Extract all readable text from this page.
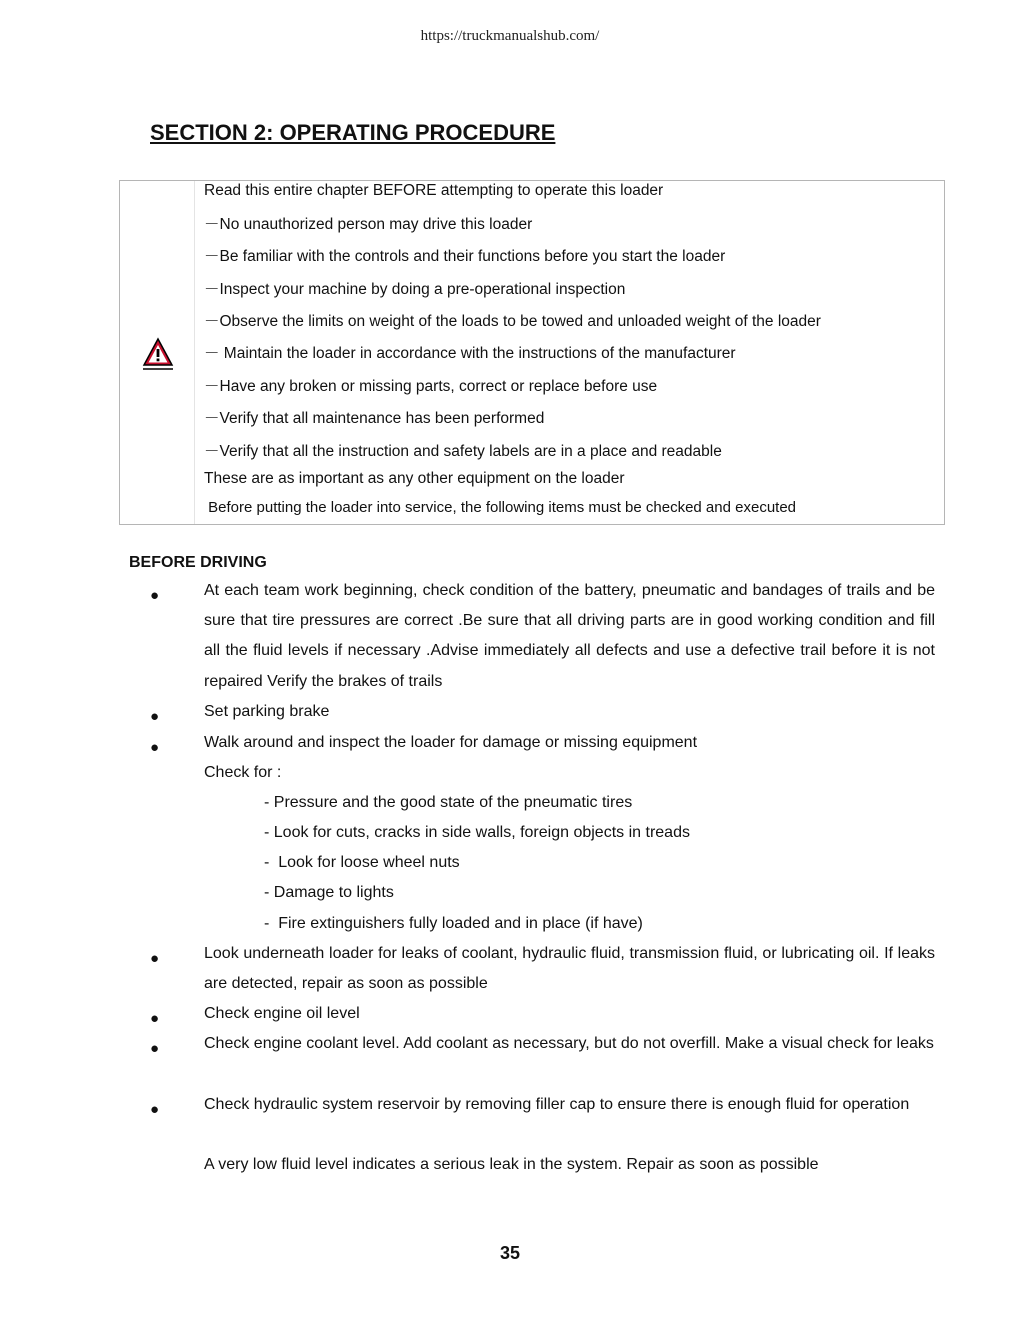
https://truckmanualshub.com/
SECTION 2: OPERATING PROCEDURE
Read this entire chapter BEFORE attempting to operate this loader
－No unauthorized person may drive this loader
－Be familiar with the controls and their functions before you start the loader
－Inspect your machine by doing a pre-operational inspection
－Observe the limits on weight of the loads to be towed and unloaded weight of the loader
－ Maintain the loader in accordance with the instructions of the manufacturer
－Have any broken or missing parts, correct or replace before use
－Verify that all maintenance has been performed
－Verify that all the instruction and safety labels are in a place and readable
These are as important as any other equipment on the loader
Before putting the loader into service, the following items must be checked and executed
BEFORE DRIVING
●	At each team work beginning, check condition of the battery, pneumatic and bandages of trails and be sure that tire pressures are correct .Be sure that all driving parts are in good working condition and fill all the fluid levels if necessary .Advise immediately all defects and use a defective trail before it is not repaired Verify the brakes of trails
●	Set parking brake
●	Walk around and inspect the loader for damage or missing equipment
Check for :
- Pressure and the good state of the pneumatic tires
- Look for cuts, cracks in side walls, foreign objects in treads
-  Look for loose wheel nuts
- Damage to lights
-  Fire extinguishers fully loaded and in place (if have)
●	Look underneath loader for leaks of coolant, hydraulic fluid, transmission fluid, or lubricating oil. If leaks are detected, repair as soon as possible
●	Check engine oil level
●	Check engine coolant level. Add coolant as necessary, but do not overfill. Make a visual check for leaks
●	Check hydraulic system reservoir by removing filler cap to ensure there is enough fluid for operation
A very low fluid level indicates a serious leak in the system. Repair as soon as possible
35
